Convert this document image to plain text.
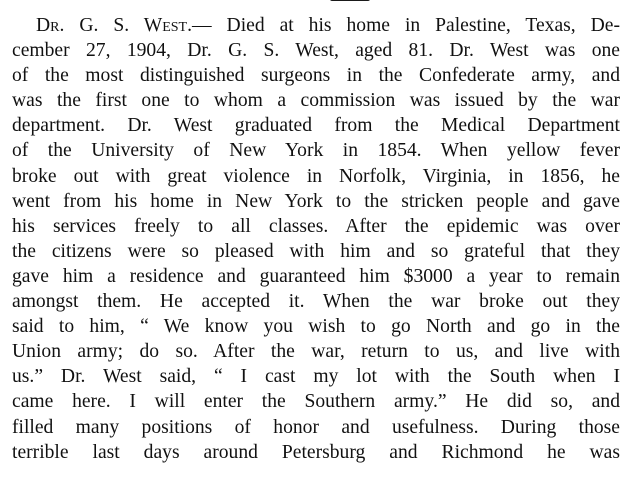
Dr. G. S. West.— Died at his home in Palestine, Texas, De-
cember 27, 1904, Dr. G. S. West, aged 81. Dr. West was one
of the most distinguished surgeons in the Confederate army, and
was the first one to whom a commission was issued by the war
department. Dr. West graduated from the Medical Department
of the University of New York in 1854. When yellow fever
broke out with great violence in Norfolk, Virginia, in 1856, he
went from his home in New York to the stricken people and gave
his services freely to all classes. After the epidemic was over
the citizens were so pleased with him and so grateful that they
gave him a residence and guaranteed him $3000 a year to remain
amongst them. He accepted it. When the war broke out they
said to him, “ We know you wish to go North and go in the
Union army; do so. After the war, return to us, and live with
us.” Dr. West said, “ I cast my lot with the South when I
came here. I will enter the Southern army.” He did so, and
filled many positions of honor and usefulness. During those
terrible last days around Petersburg and Richmond he was
